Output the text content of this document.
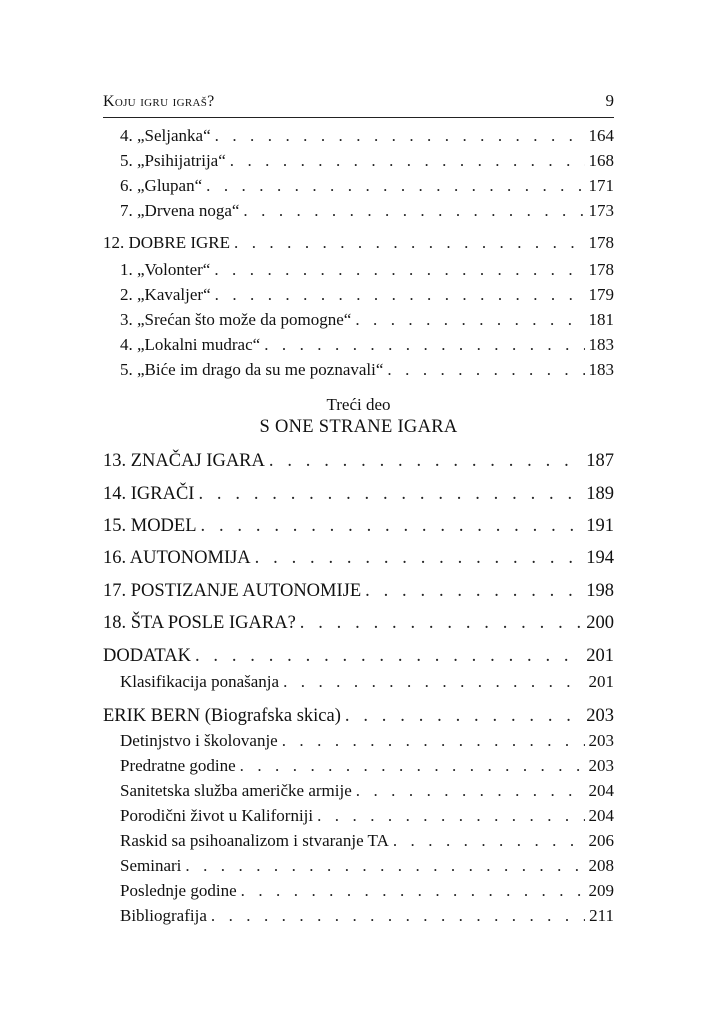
Koju igru igraš?	9
4. „Seljanka“ . . .	164
5. „Psihijatrija“ . . .	168
6. „Glupan“ . . .	171
7. „Drvena noga“ . . .	173
12. DOBRE IGRE . . .	178
1. „Volonter“ . . .	178
2. „Kavaljer“ . . .	179
3. „Srećan što može da pomogne“ . . .	181
4. „Lokalni mudrac“ . . .	183
5. „Biće im drago da su me poznavali“ . . .	183
Treći deo
S ONE STRANE IGARA
13. ZNAČAJ IGARA . . .	187
14. IGRAČI . . .	189
15. MODEL . . .	191
16. AUTONOMIJA . . .	194
17. POSTIZANJE AUTONOMIJE . . .	198
18. ŠTA POSLE IGARA? . . .	200
DODATAK . . .	201
Klasifikacija ponašanja . . .	201
ERIK BERN (Biografska skica) . . .	203
Detinjstvo i školovanje . . .	203
Predratne godine . . .	203
Sanitetska služba američke armije . . .	204
Porodični život u Kaliforniji . . .	204
Raskid sa psihoanalizom i stvaranje TA . . .	206
Seminari . . .	208
Poslednje godine . . .	209
Bibliografija . . .	211
